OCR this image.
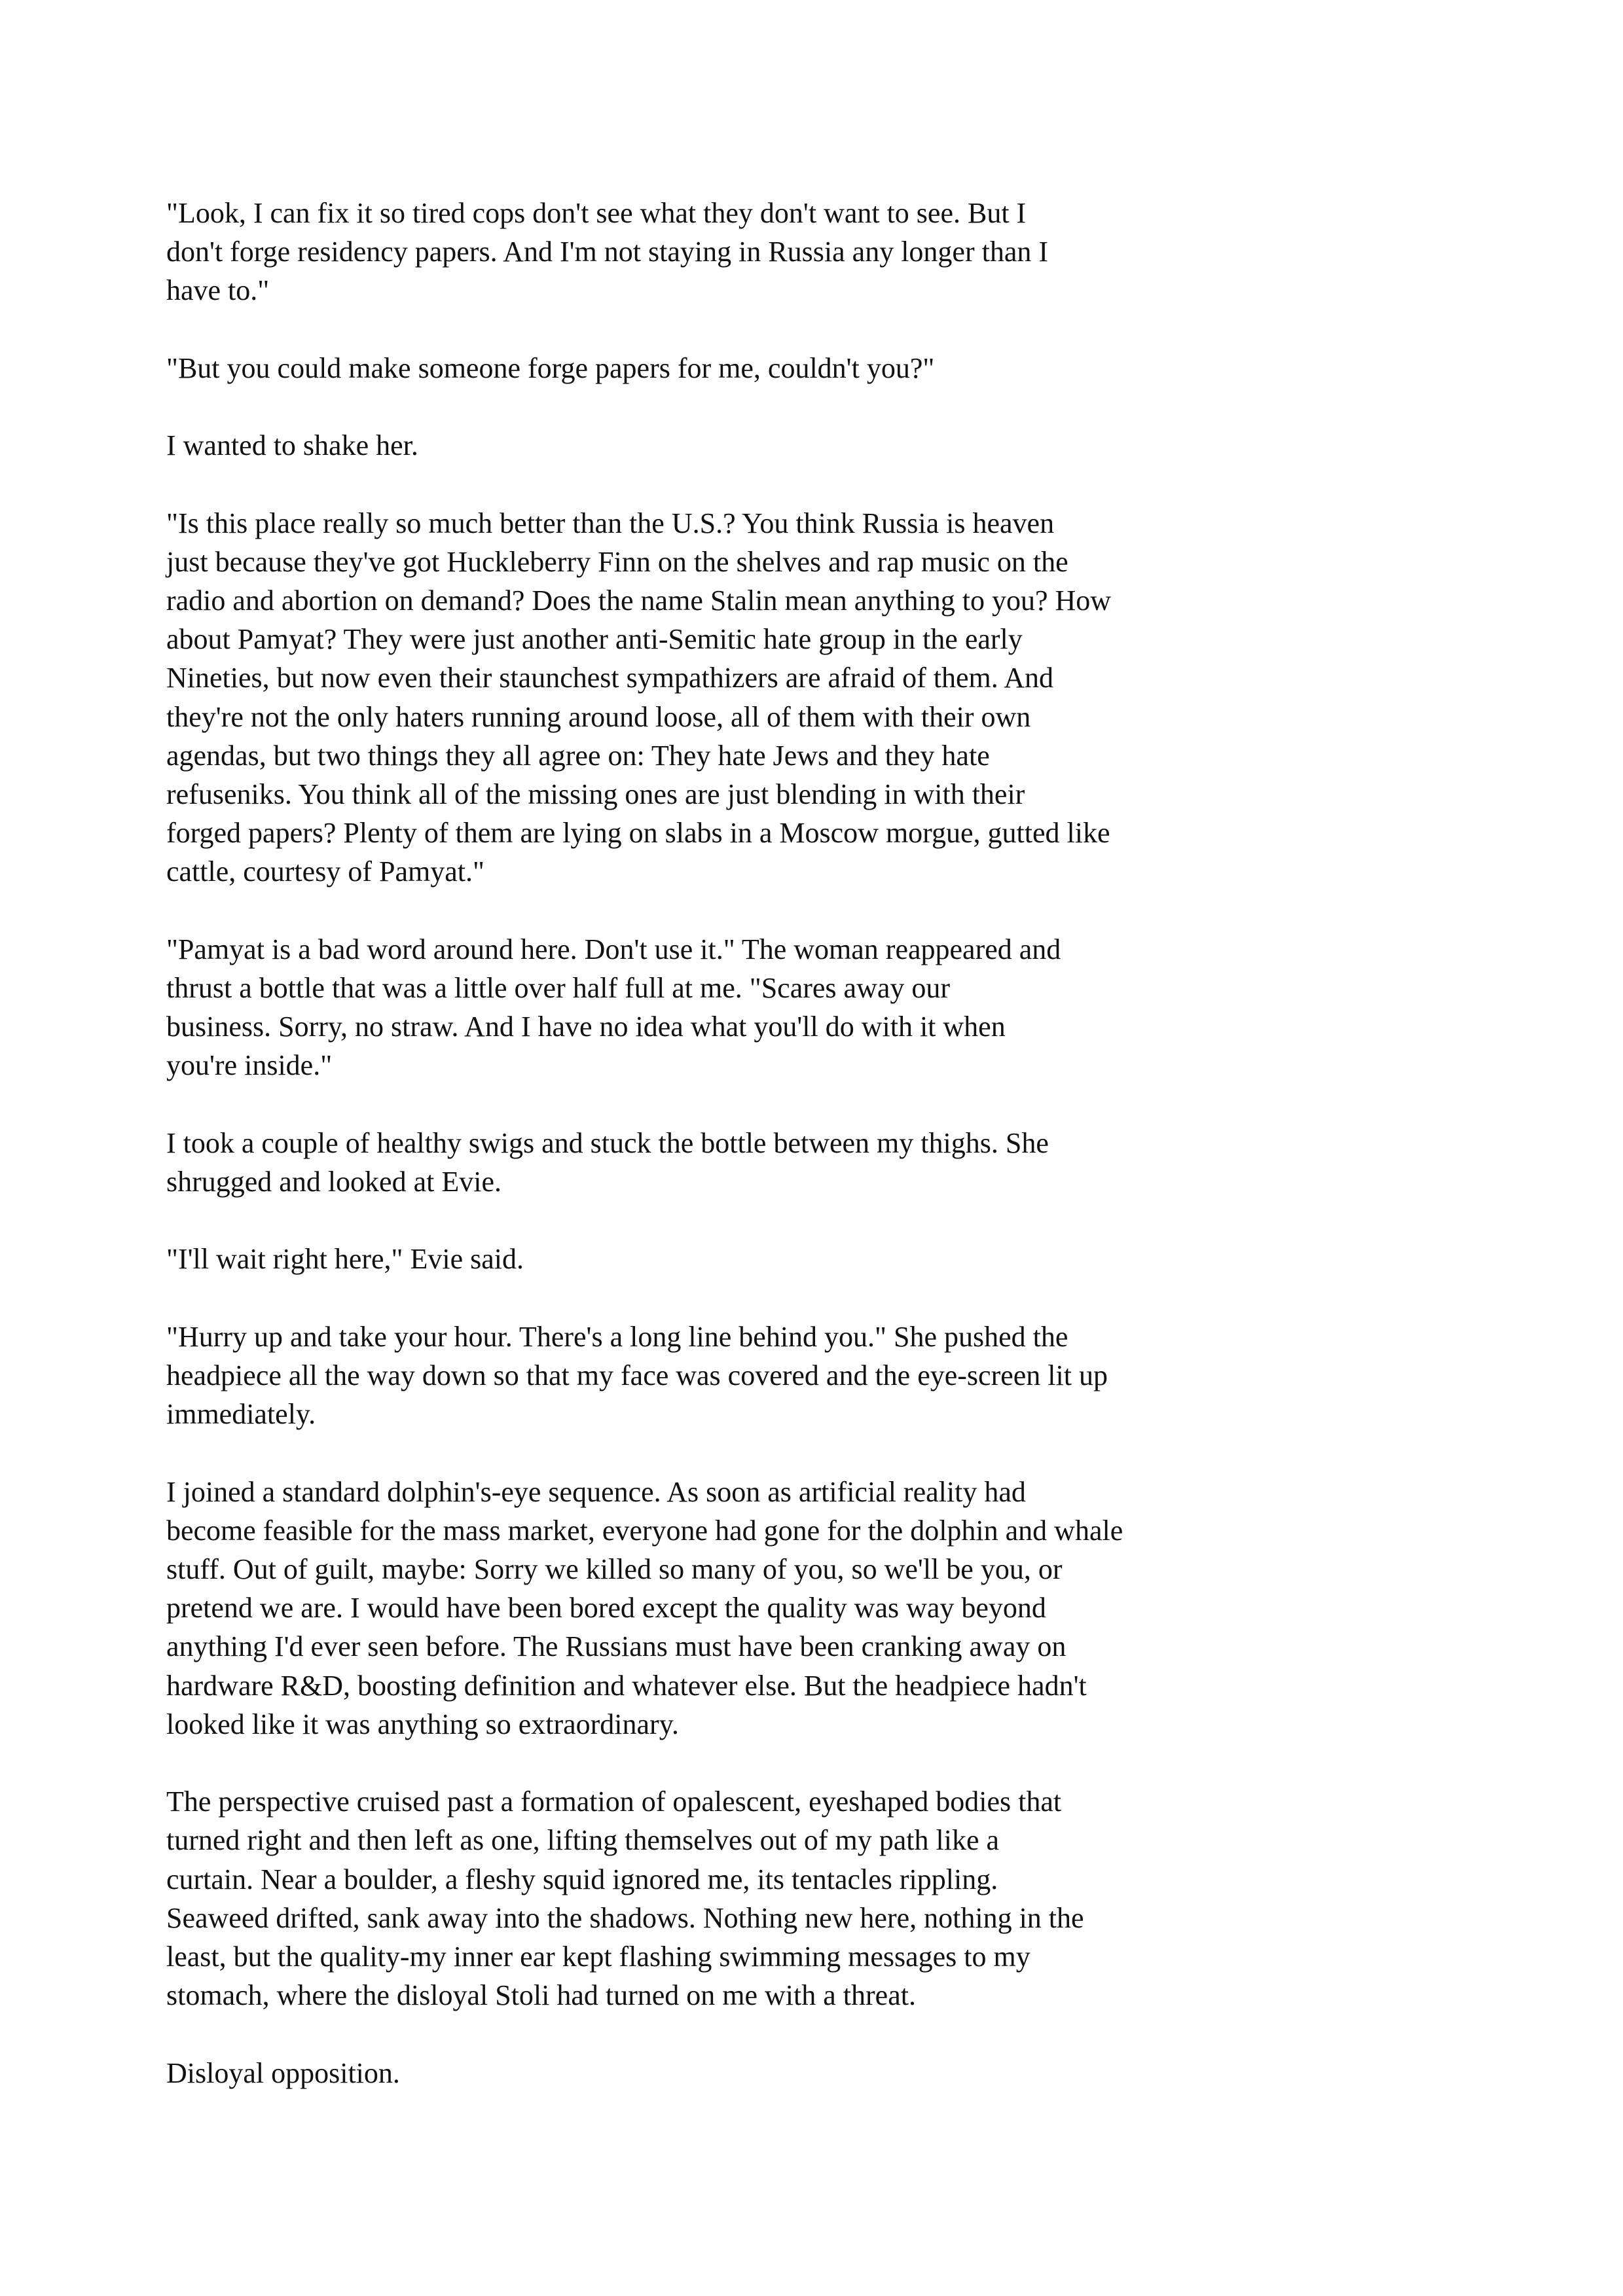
"Look, I can fix it so tired cops don't see what they don't want to see. But I
don't forge residency papers. And I'm not staying in Russia any longer than I
have to."
"But you could make someone forge papers for me, couldn't you?"
I wanted to shake her.
"Is this place really so much better than the U.S.? You think Russia is heaven
just because they've got Huckleberry Finn on the shelves and rap music on the
radio and abortion on demand? Does the name Stalin mean anything to you? How
about Pamyat? They were just another anti-Semitic hate group in the early
Nineties, but now even their staunchest sympathizers are afraid of them. And
they're not the only haters running around loose, all of them with their own
agendas, but two things they all agree on: They hate Jews and they hate
refuseniks. You think all of the missing ones are just blending in with their
forged papers? Plenty of them are lying on slabs in a Moscow morgue, gutted like
cattle, courtesy of Pamyat."
"Pamyat is a bad word around here. Don't use it." The woman reappeared and
thrust a bottle that was a little over half full at me. "Scares away our
business. Sorry, no straw. And I have no idea what you'll do with it when
you're inside."
I took a couple of healthy swigs and stuck the bottle between my thighs. She
shrugged and looked at Evie.
"I'll wait right here," Evie said.
"Hurry up and take your hour. There's a long line behind you." She pushed the
headpiece all the way down so that my face was covered and the eye-screen lit up
immediately.
I joined a standard dolphin's-eye sequence. As soon as artificial reality had
become feasible for the mass market, everyone had gone for the dolphin and whale
stuff. Out of guilt, maybe: Sorry we killed so many of you, so we'll be you, or
pretend we are. I would have been bored except the quality was way beyond
anything I'd ever seen before. The Russians must have been cranking away on
hardware R&D, boosting definition and whatever else. But the headpiece hadn't
looked like it was anything so extraordinary.
The perspective cruised past a formation of opalescent, eyeshaped bodies that
turned right and then left as one, lifting themselves out of my path like a
curtain. Near a boulder, a fleshy squid ignored me, its tentacles rippling.
Seaweed drifted, sank away into the shadows. Nothing new here, nothing in the
least, but the quality-my inner ear kept flashing swimming messages to my
stomach, where the disloyal Stoli had turned on me with a threat.
Disloyal opposition.
